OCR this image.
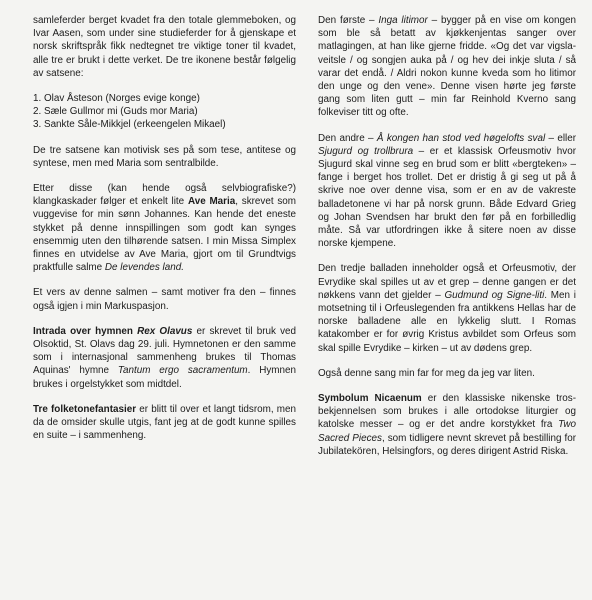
samleferder berget kvadet fra den totale glemmeboken, og Ivar Aasen, som under sine studieferder for å gjenskape et norsk skriftspråk fikk nedtegnet tre viktige toner til kvadet, alle tre er brukt i dette verket. De tre ikonene består følgelig av satsene:

1. Olav Åsteson (Norges evige konge)
2. Sæle Gullmor mi (Guds mor Maria)
3. Sankte Såle-Mikkjel (erkeengelen Mikael)

De tre satsene kan motivisk ses på som tese, antitese og syntese, men med Maria som sentralbilde.

Etter disse (kan hende også selvbiografiske?) klangkaskader følger et enkelt lite Ave Maria, skrevet som vuggevise for min sønn Johannes. Kan hende det eneste stykket på denne innspillingen som godt kan synges ensemmig uten den tilhørende satsen. I min Missa Simplex finnes en utvidelse av Ave Maria, gjort om til Grundtvigs praktfulle salme De levendes land.

Et vers av denne salmen – samt motiver fra den – finnes også igjen i min Markuspasjon.

Intrada over hymnen Rex Olavus er skrevet til bruk ved Olsoktid, St. Olavs dag 29. juli. Hymnetonen er den samme som i internasjonal sammenheng brukes til Thomas Aquinas' hymne Tantum ergo sacramentum. Hymnen brukes i orgelstykket som midtdel.

Tre folketonefantasier er blitt til over et langt tidsrom, men da de omsider skulle utgis, fant jeg at de godt kunne spilles en suite – i sammenheng.

Den første – Inga litimor – bygger på en vise om kongen som ble så betatt av kjøkkenjentas sanger over matlagingen, at han like gjerne fridde. «Og det var vigsla-veitsle / og songjen auka på / og hev dei inkje sluta / så varar det endå. / Aldri nokon kunne kveda som ho litimor den unge og den vene». Denne visen hørte jeg første gang som liten gutt – min far Reinhold Kverno sang folkeviser titt og ofte.

Den andre – Å kongen han stod ved høgelofts sval – eller Sjugurd og trollbrura – er et klassisk Orfeusmotiv hvor Sjugurd skal vinne seg en brud som er blitt «bergteken» – fange i berget hos trollet. Det er dristig å gi seg ut på å skrive noe over denne visa, som er en av de vakreste balladetonene vi har på norsk grunn. Både Edvard Grieg og Johan Svendsen har brukt den før på en forbilledlig måte. Så var utfordringen ikke å sitere noen av disse norske kjempene.

Den tredje balladen inneholder også et Orfeusmotiv, der Evrydike skal spilles ut av et grep – denne gangen er det nøkkens vann det gjelder – Gudmund og Signe-liti. Men i motsetning til i Orfeuslegenden fra antikkens Hellas har de norske balladene alle en lykkelig slutt. I Romas katakomber er for øvrig Kristus avbildet som Orfeus som skal spille Evrydike – kirken – ut av dødens grep.

Også denne sang min far for meg da jeg var liten.

Symbolum Nicaenum er den klassiske nikenske trosbekjennelsen som brukes i alle ortodokse liturgier og katolske messer – og er det andre korstykket fra Two Sacred Pieces, som tidligere nevnt skrevet på bestilling for Jubilatekören, Helsingfors, og deres dirigent Astrid Riska.
